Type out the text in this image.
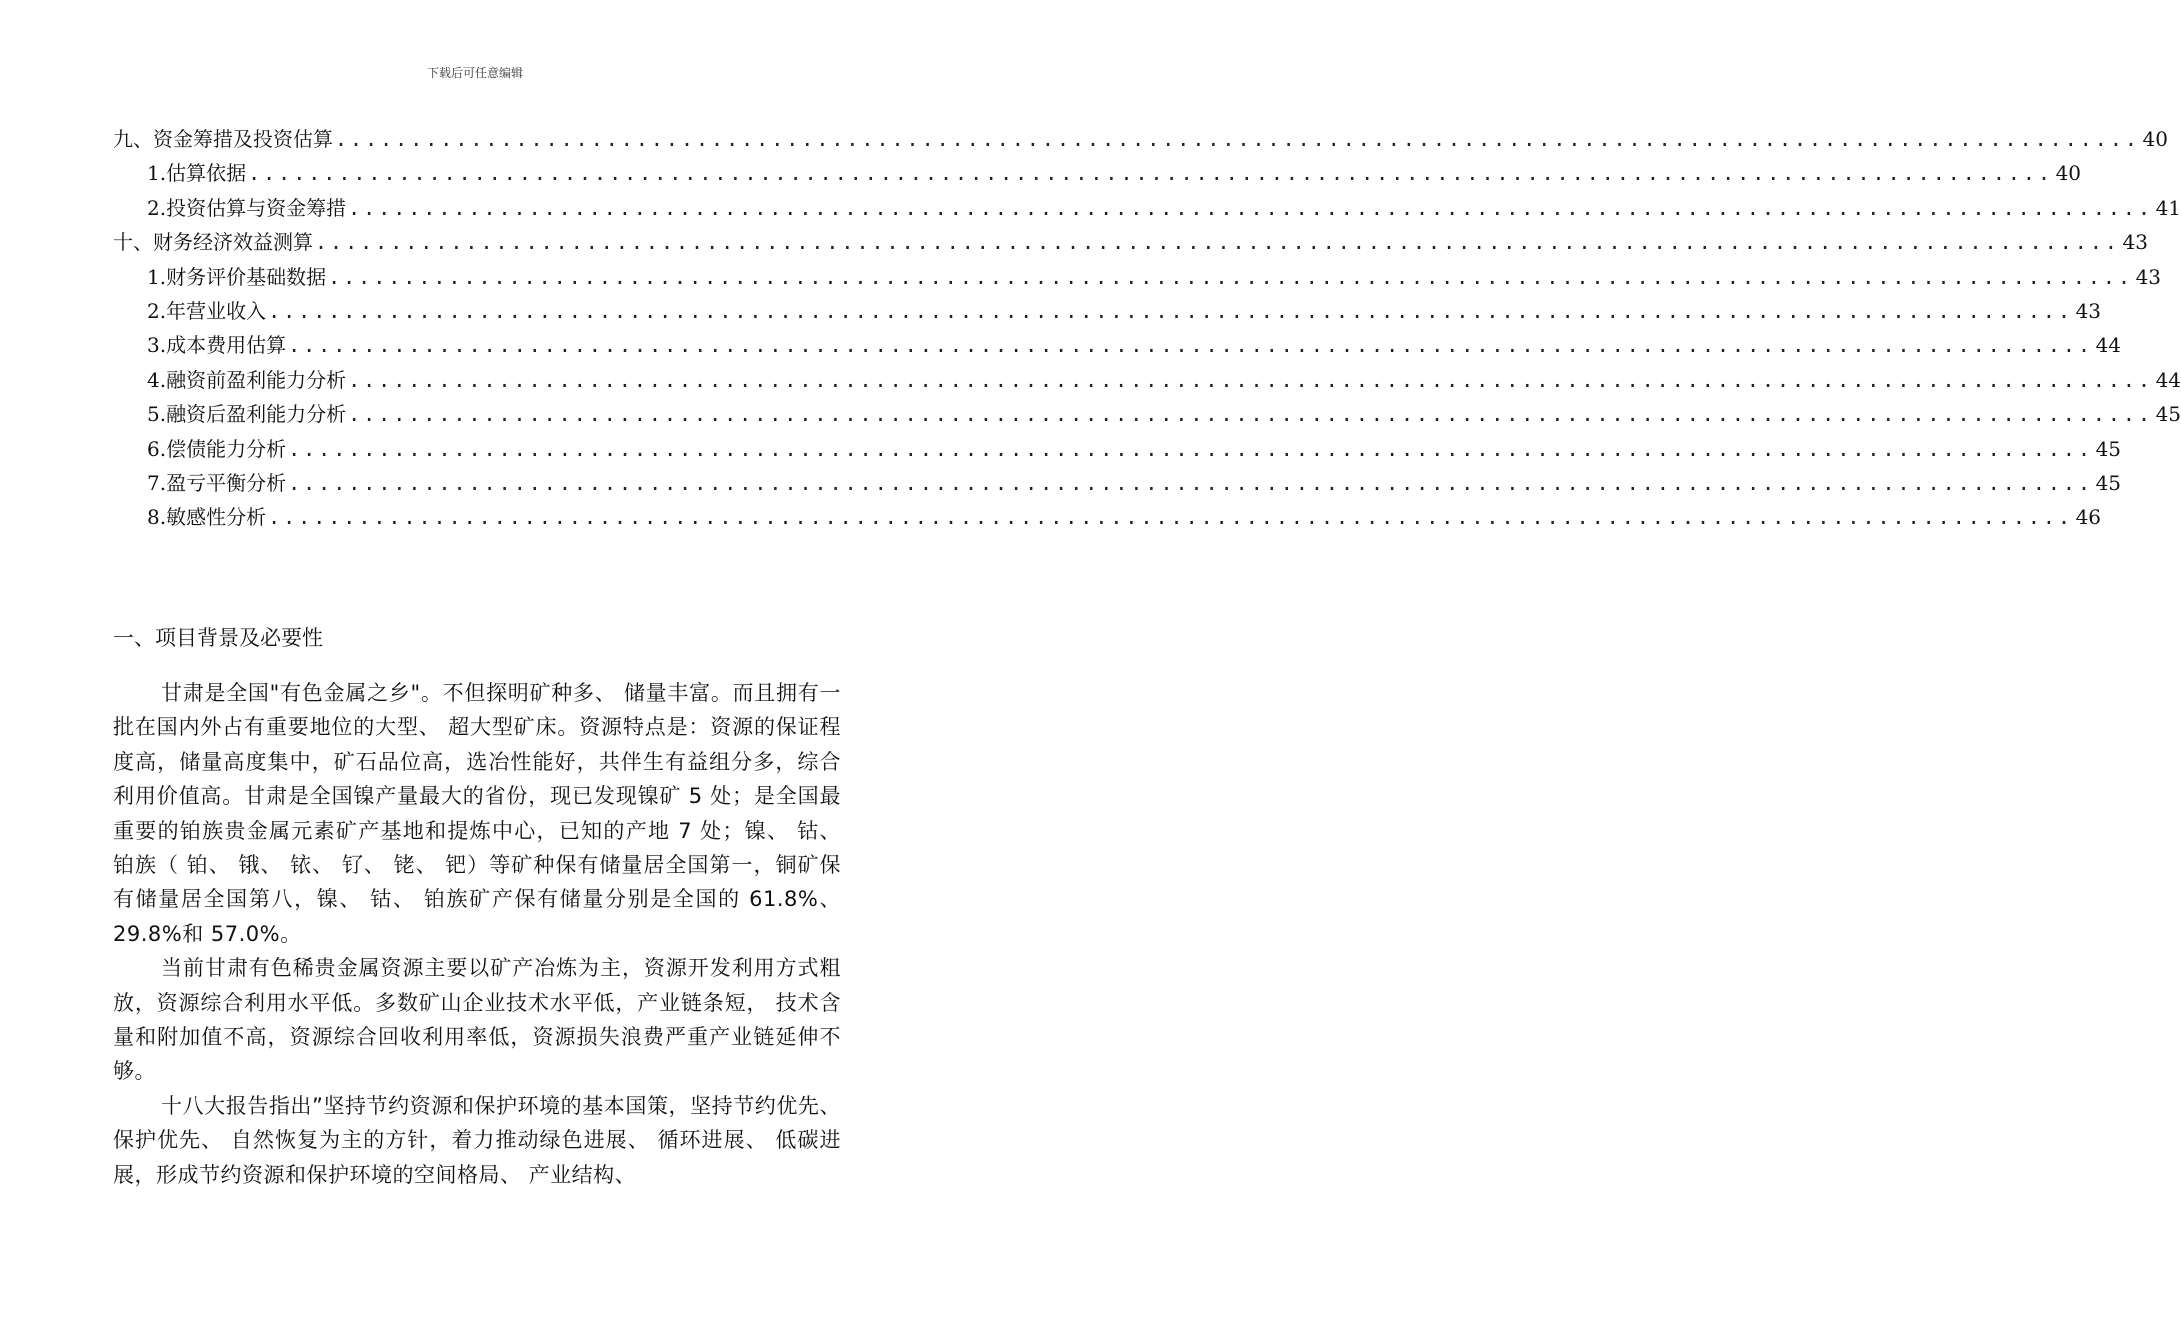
下载后可任意编辑
九、 资金筹措及投资估算 ........................................................................................................................ 40
1. 估算依据 ........................................................................................................................ 40
2. 投资估算与资金筹措 ........................................................................................................................ 41
十、 财务经济效益测算 ........................................................................................................................ 43
1. 财务评价基础数据 ........................................................................................................................ 43
2. 年营业收入 ........................................................................................................................ 43
3. 成本费用估算 ........................................................................................................................ 44
4. 融资前盈利能力分析 ........................................................................................................................ 44
5. 融资后盈利能力分析 ........................................................................................................................ 45
6. 偿债能力分析 ........................................................................................................................ 45
7. 盈亏平衡分析 ........................................................................................................................ 45
8. 敏感性分析 ........................................................................................................................ 46
一、项目背景及必要性

甘肃是全国"有色金属之乡"。不但探明矿种多、 储量丰富。而且拥有一批在国内外占有重要地位的大型、 超大型矿床。资源特点是：资源的保证程度高，储量高度集中，矿石品位高，选冶性能好，共伴生有益组分多，综合利用价值高。甘肃是全国镍产量最大的省份，现已发现镍矿 5 处；是全国最重要的铂族贵金属元素矿产基地和提炼中心，已知的产地 7 处；镍、 钴、 铂族（ 铂、 锇、 铱、 钌、 铑、 钯）等矿种保有储量居全国第一，铜矿保有储量居全国第八，镍、 钴、 铂族矿产保有储量分别是全国的 61.8%、 29.8%和 57.0%。

当前甘肃有色稀贵金属资源主要以矿产冶炼为主，资源开发利用方式粗放，资源综合利用水平低。多数矿山企业技术水平低，产业链条短， 技术含量和附加值不高，资源综合回收利用率低，资源损失浪费严重产业链延伸不够。

十八大报告指出”坚持节约资源和保护环境的基本国策，坚持节约优先、 保护优先、 自然恢复为主的方针，着力推动绿色进展、 循环进展、 低碳进展，形成节约资源和保护环境的空间格局、 产业结构、
